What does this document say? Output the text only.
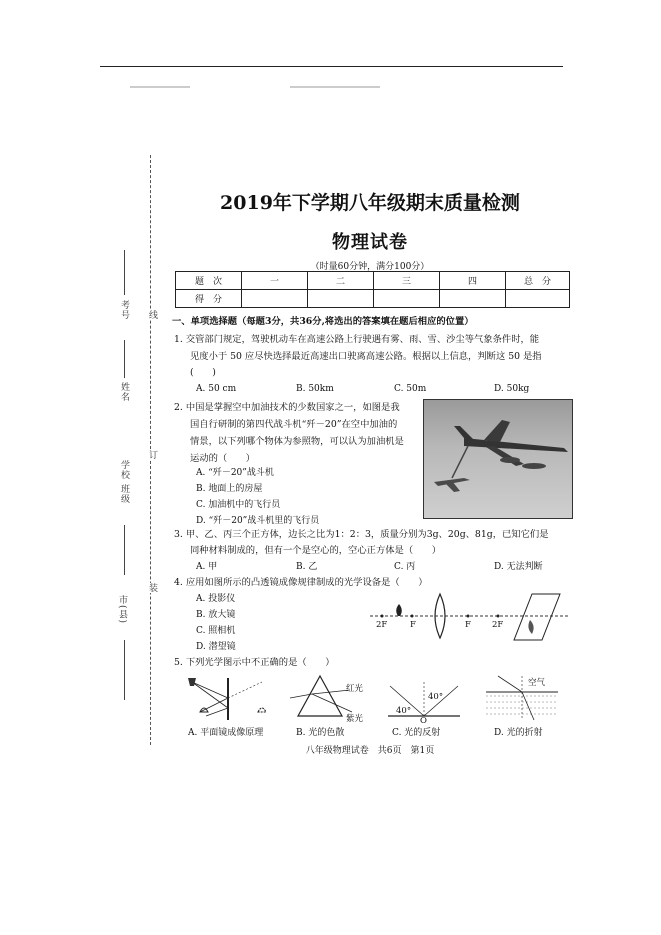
考号
姓名
学校 班级
市(县)
线
订
装
2019年下学期八年级期末质量检测
物理试卷
（时量60分钟，满分100分）
题　次	一	二	三	四	总　分
得　分					
一、单项选择题（每题3分，共36分,将选出的答案填在题后相应的位置）
1. 交管部门规定，驾驶机动车在高速公路上行驶遇有雾、雨、雪、沙尘等气象条件时，能
见度小于 50 应尽快选择最近高速出口驶离高速公路。根据以上信息，判断这 50 是指
(　　)
A. 50 cm	B. 50km	C. 50m	D. 50kg
2. 中国是掌握空中加油技术的少数国家之一，如图是我
国自行研制的第四代战斗机“歼－20”在空中加油的
情景，以下列哪个物体为参照物，可以认为加油机是
运动的（　　）
A. “歼－20”战斗机
B. 地面上的房屋
C. 加油机中的飞行员
D. “歼－20”战斗机里的飞行员
3. 甲、乙、丙三个正方体，边长之比为1：2：3，质量分别为3g、20g、81g，已知它们是
同种材料制成的，但有一个是空心的，空心正方体是（　　）
A. 甲	B. 乙	C. 丙	D. 无法判断
4. 应用如图所示的凸透镜成像规律制成的光学设备是（　　）
A. 投影仪
B. 放大镜
C. 照相机
D. 潜望镜
2F	F	F 2F
5. 下列光学图示中不正确的是（　　）
红光
紫光
40°
40°
O
空气
A. 平面镜成像原理	B. 光的色散	C. 光的反射	D. 光的折射
八年级物理试卷　共6页　第1页
